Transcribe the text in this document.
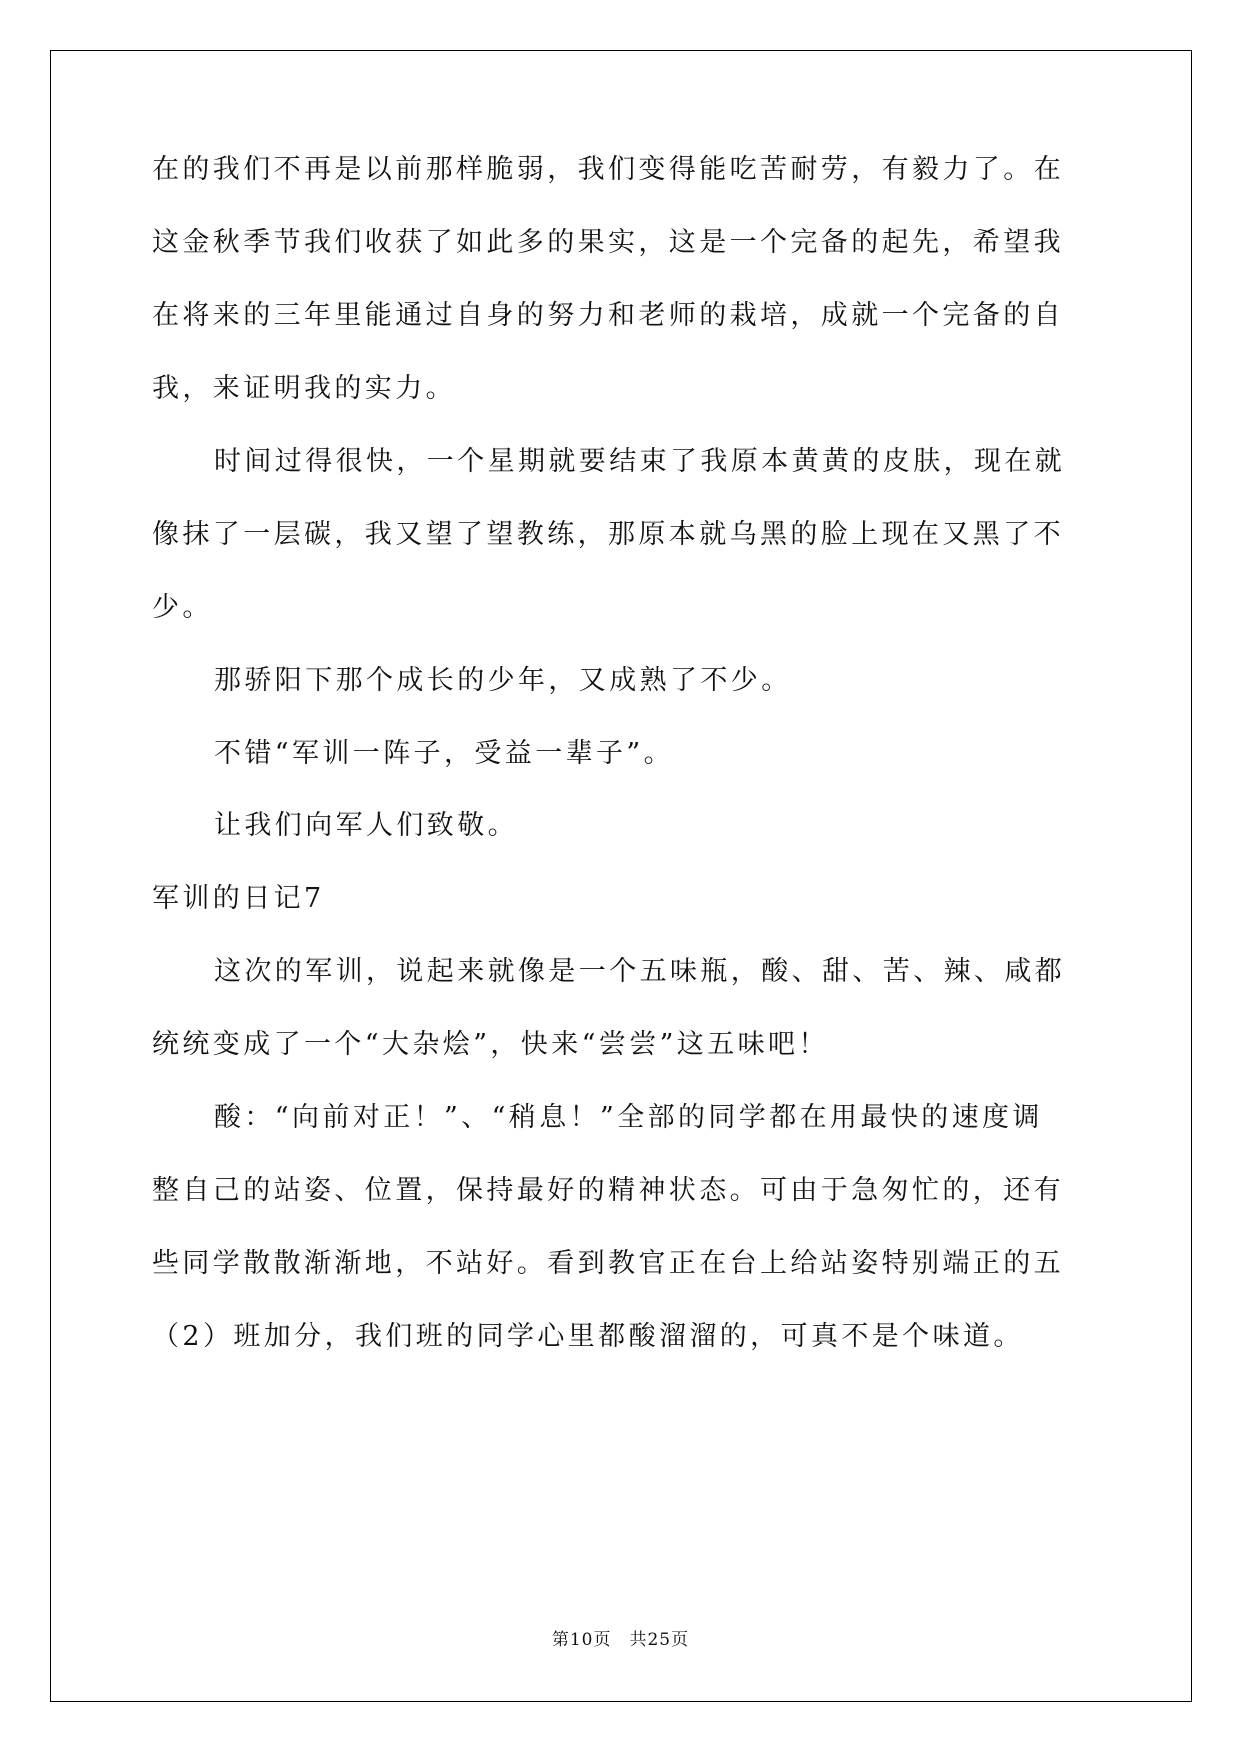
在的我们不再是以前那样脆弱，我们变得能吃苦耐劳，有毅力了。在
这金秋季节我们收获了如此多的果实，这是一个完备的起先，希望我
在将来的三年里能通过自身的努力和老师的栽培，成就一个完备的自
我，来证明我的实力。
时间过得很快，一个星期就要结束了我原本黄黄的皮肤，现在就
像抹了一层碳，我又望了望教练，那原本就乌黑的脸上现在又黑了不
少。
那骄阳下那个成长的少年，又成熟了不少。
不错“军训一阵子，受益一辈子”。
让我们向军人们致敬。
军训的日记7
这次的军训，说起来就像是一个五味瓶，酸、甜、苦、辣、咸都
统统变成了一个“大杂烩”，快来“尝尝”这五味吧！
酸：“向前对正！”、“稍息！”全部的同学都在用最快的速度调
整自己的站姿、位置，保持最好的精神状态。可由于急匆忙的，还有
些同学散散渐渐地，不站好。看到教官正在台上给站姿特别端正的五
（2）班加分，我们班的同学心里都酸溜溜的，可真不是个味道。
第10页　共25页
